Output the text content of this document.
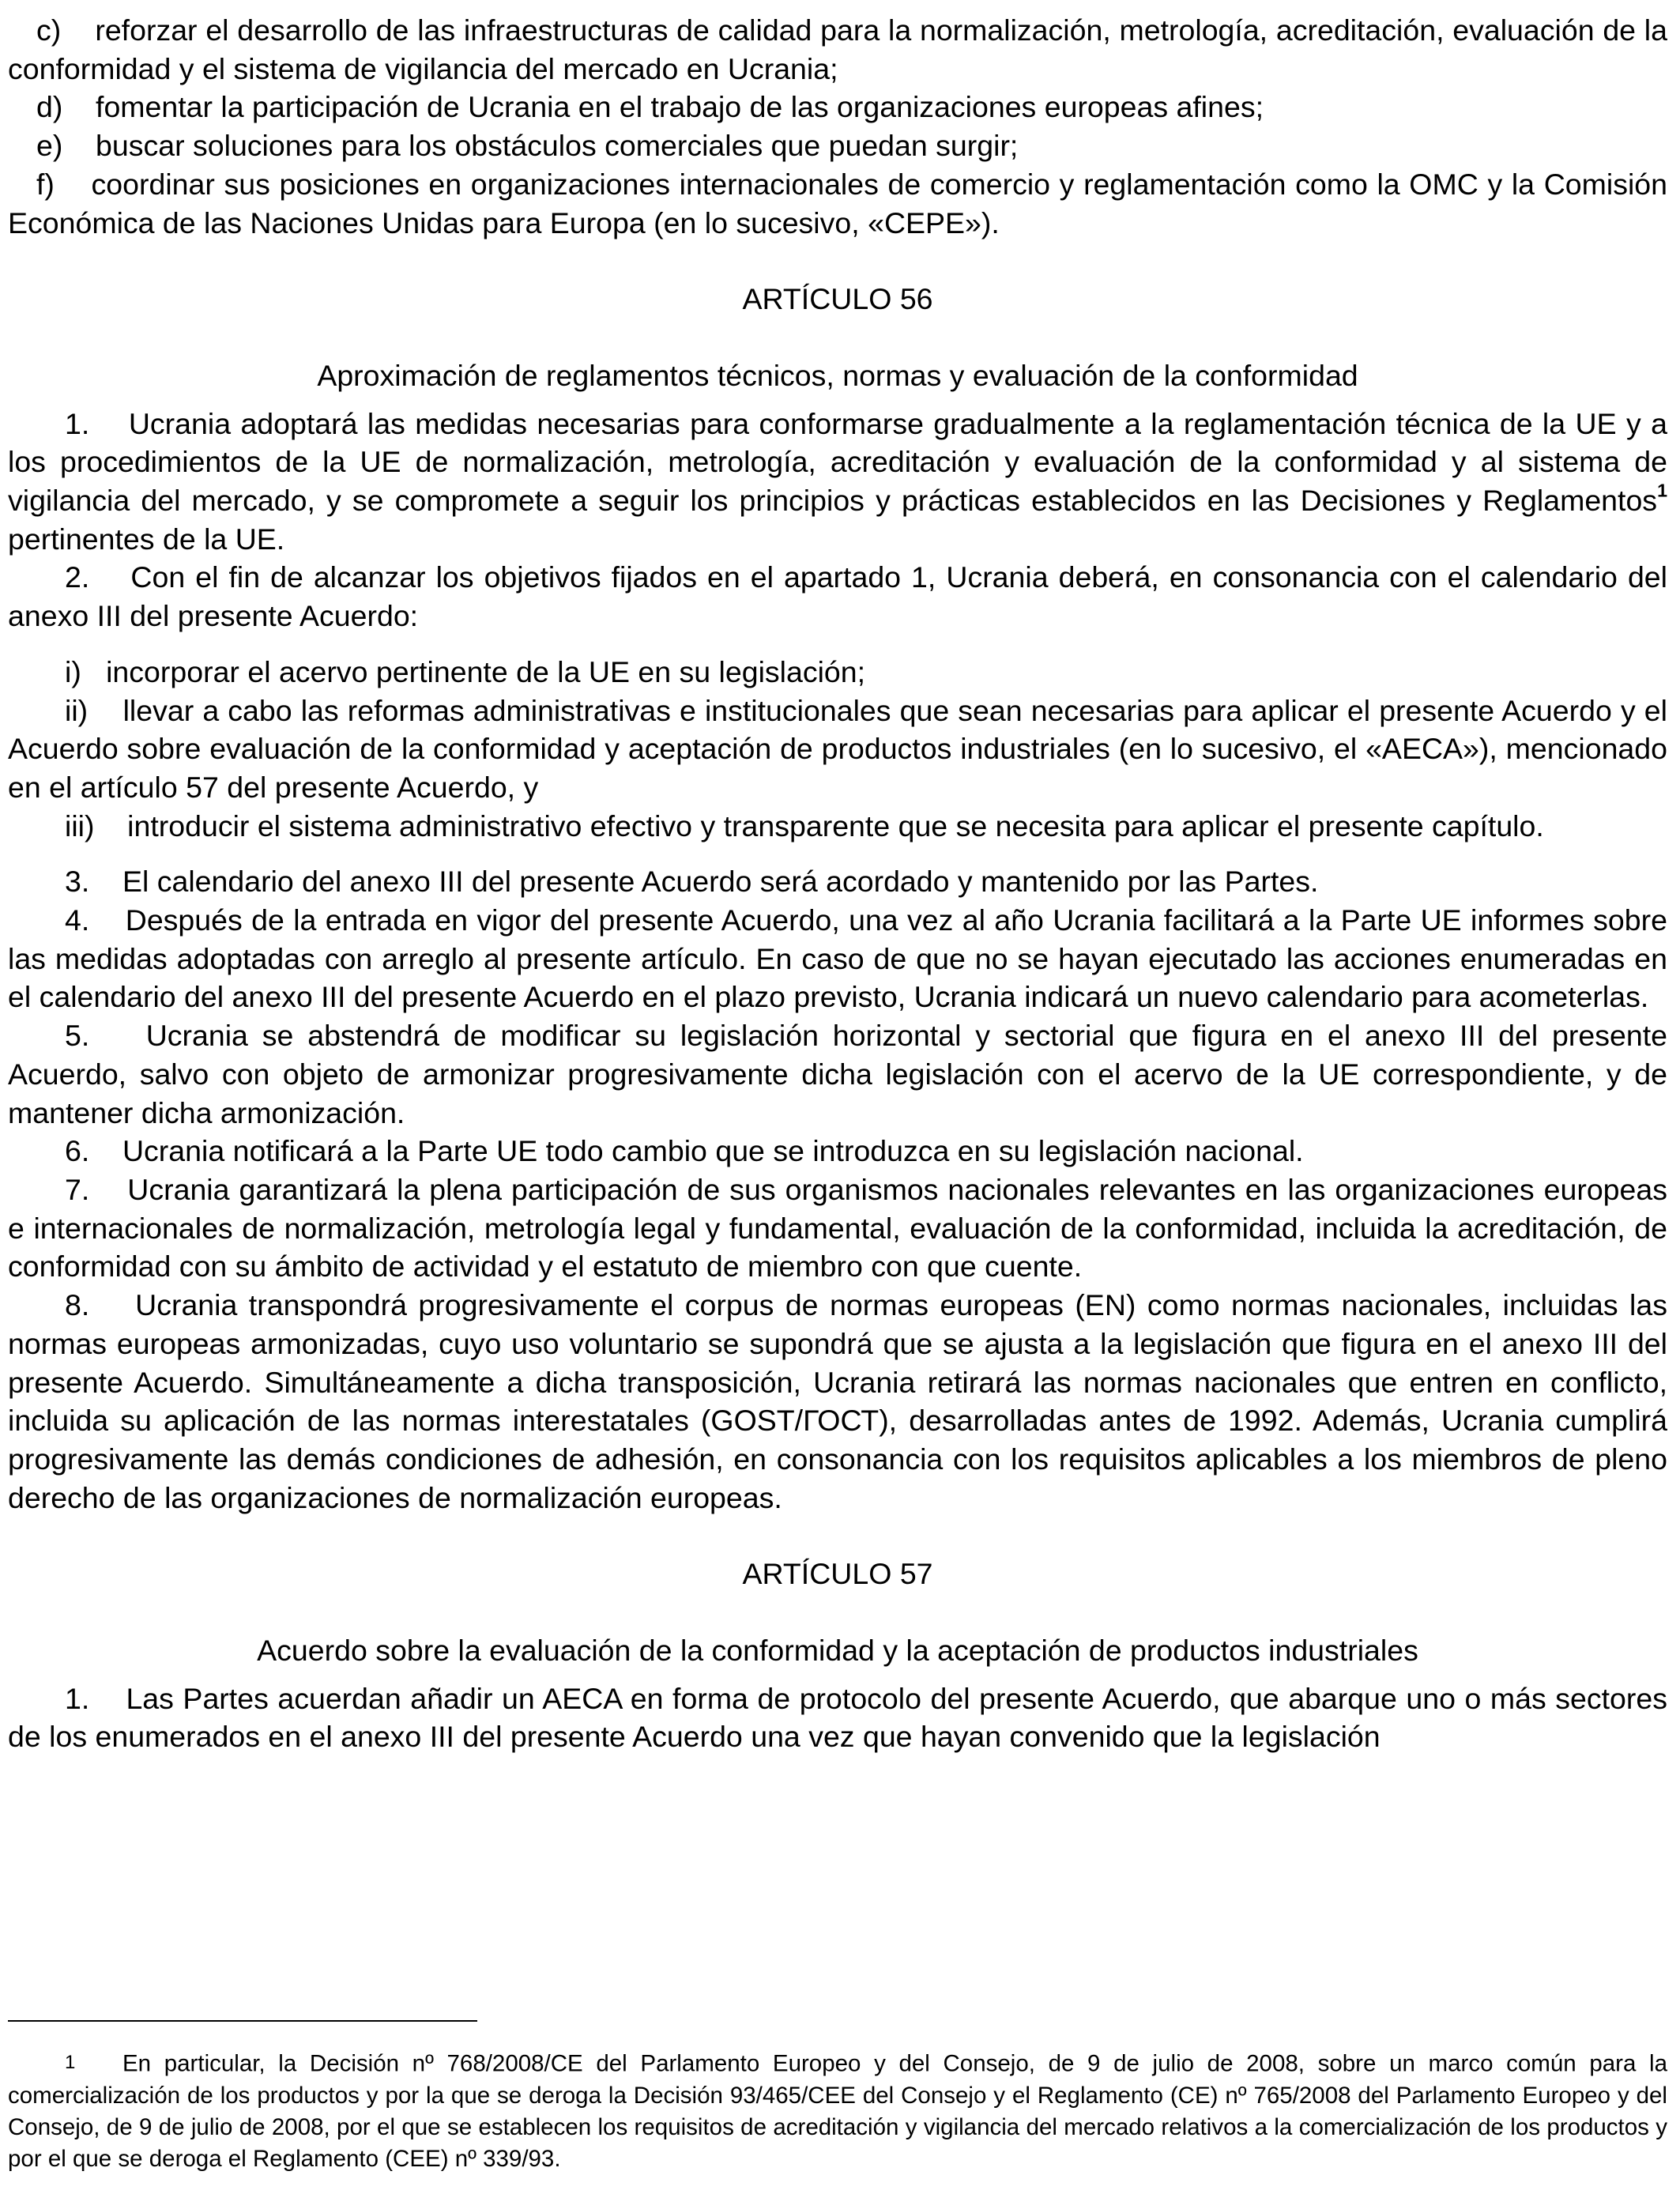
c) reforzar el desarrollo de las infraestructuras de calidad para la normalización, metrología, acreditación, evaluación de la conformidad y el sistema de vigilancia del mercado en Ucrania;

d) fomentar la participación de Ucrania en el trabajo de las organizaciones europeas afines;

e) buscar soluciones para los obstáculos comerciales que puedan surgir;

f) coordinar sus posiciones en organizaciones internacionales de comercio y reglamentación como la OMC y la Comisión Económica de las Naciones Unidas para Europa (en lo sucesivo, «CEPE»).

ARTÍCULO 56

Aproximación de reglamentos técnicos, normas y evaluación de la conformidad

1. Ucrania adoptará las medidas necesarias para conformarse gradualmente a la reglamentación técnica de la UE y a los procedimientos de la UE de normalización, metrología, acreditación y evaluación de la conformidad y al sistema de vigilancia del mercado, y se compromete a seguir los principios y prácticas establecidos en las Decisiones y Reglamentos$^1$ pertinentes de la UE.

2. Con el fin de alcanzar los objetivos fijados en el apartado 1, Ucrania deberá, en consonancia con el calendario del anexo III del presente Acuerdo:

i) incorporar el acervo pertinente de la UE en su legislación;

ii) llevar a cabo las reformas administrativas e institucionales que sean necesarias para aplicar el presente Acuerdo y el Acuerdo sobre evaluación de la conformidad y aceptación de productos industriales (en lo sucesivo, el «AECA»), mencionado en el artículo 57 del presente Acuerdo, y

iii) introducir el sistema administrativo efectivo y transparente que se necesita para aplicar el presente capítulo.

3. El calendario del anexo III del presente Acuerdo será acordado y mantenido por las Partes.

4. Después de la entrada en vigor del presente Acuerdo, una vez al año Ucrania facilitará a la Parte UE informes sobre las medidas adoptadas con arreglo al presente artículo. En caso de que no se hayan ejecutado las acciones enumeradas en el calendario del anexo III del presente Acuerdo en el plazo previsto, Ucrania indicará un nuevo calendario para acometerlas.

5. Ucrania se abstendrá de modificar su legislación horizontal y sectorial que figura en el anexo III del presente Acuerdo, salvo con objeto de armonizar progresivamente dicha legislación con el acervo de la UE correspondiente, y de mantener dicha armonización.

6. Ucrania notificará a la Parte UE todo cambio que se introduzca en su legislación nacional.

7. Ucrania garantizará la plena participación de sus organismos nacionales relevantes en las organizaciones europeas e internacionales de normalización, metrología legal y fundamental, evaluación de la conformidad, incluida la acreditación, de conformidad con su ámbito de actividad y el estatuto de miembro con que cuente.

8. Ucrania transpondrá progresivamente el corpus de normas europeas (EN) como normas nacionales, incluidas las normas europeas armonizadas, cuyo uso voluntario se supondrá que se ajusta a la legislación que figura en el anexo III del presente Acuerdo. Simultáneamente a dicha transposición, Ucrania retirará las normas nacionales que entren en conflicto, incluida su aplicación de las normas interestatales (GOST/ГОСТ), desarrolladas antes de 1992. Además, Ucrania cumplirá progresivamente las demás condiciones de adhesión, en consonancia con los requisitos aplicables a los miembros de pleno derecho de las organizaciones de normalización europeas.

ARTÍCULO 57

Acuerdo sobre la evaluación de la conformidad y la aceptación de productos industriales

1. Las Partes acuerdan añadir un AECA en forma de protocolo del presente Acuerdo, que abarque uno o más sectores de los enumerados en el anexo III del presente Acuerdo una vez que hayan convenido que la legislación

1 En particular, la Decisión nº 768/2008/CE del Parlamento Europeo y del Consejo, de 9 de julio de 2008, sobre un marco común para la comercialización de los productos y por la que se deroga la Decisión 93/465/CEE del Consejo y el Reglamento (CE) nº 765/2008 del Parlamento Europeo y del Consejo, de 9 de julio de 2008, por el que se establecen los requisitos de acreditación y vigilancia del mercado relativos a la comercialización de los productos y por el que se deroga el Reglamento (CEE) nº 339/93.
